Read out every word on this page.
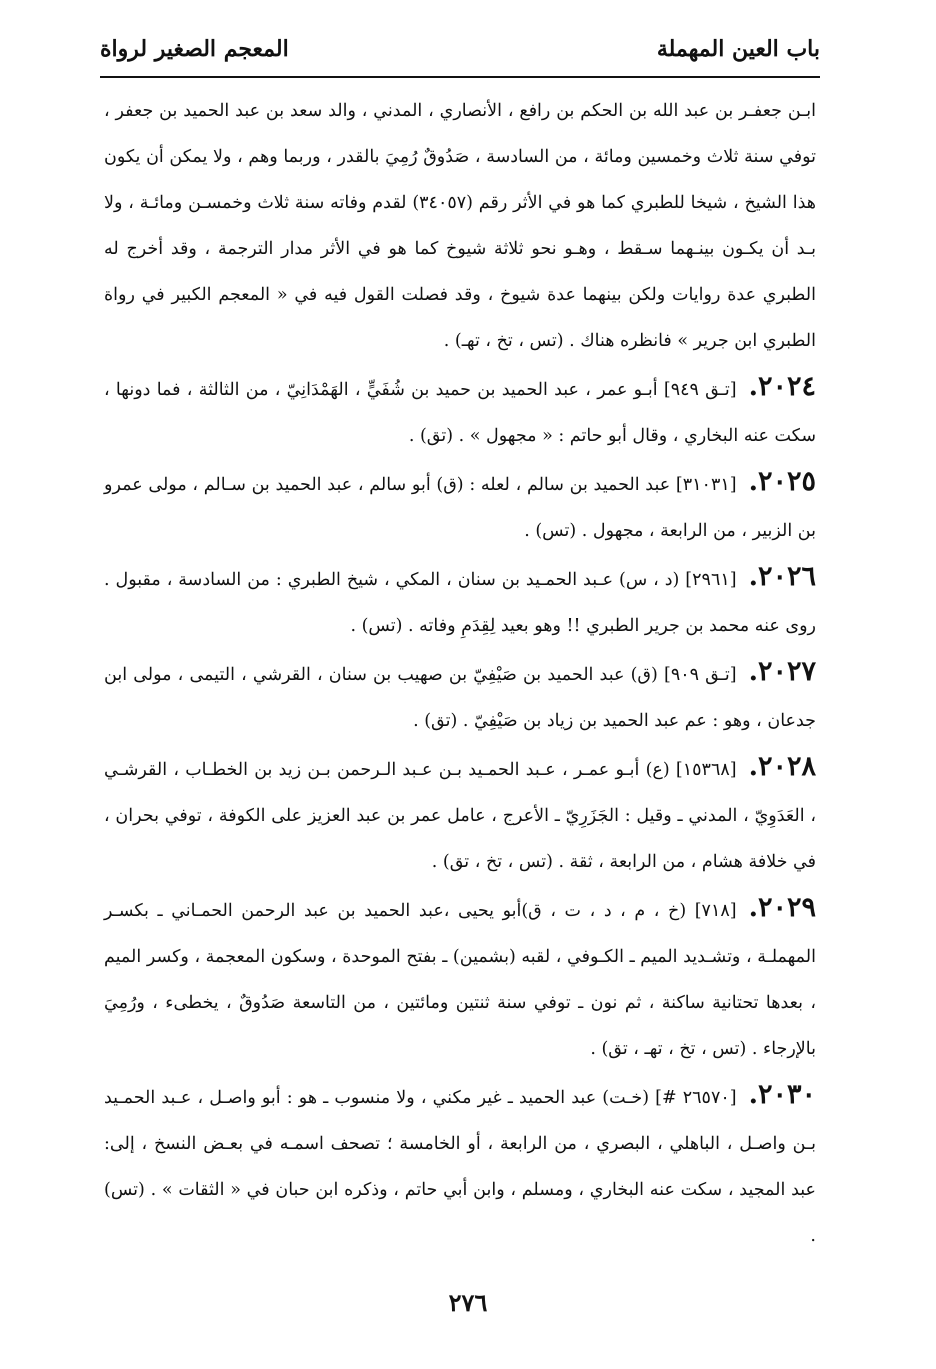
باب العين المهملة
المعجم الصغير لرواة

ابـن جعفـر بن عبد الله بن الحكم بن رافع ، الأنصاري ، المدني ، والد سعد بن عبد الحميد بن جعفر ، توفي سنة ثلاث وخمسين ومائة ، من السادسة ، صَدُوقٌ رُمِيَ بالقدر ، وربما وهم ، ولا يمكن أن يكون هذا الشيخ ، شيخا للطبري كما هو في الأثر رقم (٣٤٠٥٧) لقدم وفاته سنة ثلاث وخمسـن ومائـة ، ولا بـد أن يكـون بينـهما سـقط ، وهـو نحو ثلاثة شيوخ كما هو في الأثر مدار الترجمة ، وقد أخرج له الطبري عدة روايات ولكن بينهما عدة شيوخ ، وقد فصلت القول فيه في « المعجم الكبير في رواة الطبري ابن جرير » فانظره هناك . (تس ، تخ ، تهـ) .

٢٠٢٤.[تـق ٩٤٩] أبـو عمر ، عبد الحميد بن حميد بن شُفَيٍّ ، الهَمْدَانِيّ ، من الثالثة ، فما دونها ، سكت عنه البخاري ، وقال أبو حاتم : « مجهول » . (تق) .

٢٠٢٥.[٣١٠٣١] عبد الحميد بن سالم ، لعله : (ق) أبو سالم ، عبد الحميد بن سـالم ، مولى عمرو بن الزبير ، من الرابعة ، مجهول . (تس) .

٢٠٢٦.[٢٩٦١] (د ، س) عـبد الحمـيد بن سنان ، المكي ، شيخ الطبري : من السادسة ، مقبول . روى عنه محمد بن جرير الطبري !! وهو بعيد لِقِدَمِ وفاته . (تس) .

٢٠٢٧.[تـق ٩٠٩] (ق) عبد الحميد بن صَيْفِيّ بن صهيب بن سنان ، القرشي ، التيمى ، مولى ابن جدعان ، وهو : عم عبد الحميد بن زياد بن صَيْفِيّ . (تق) .

٢٠٢٨.[١٥٣٦٨] (ع) أبـو عمـر ، عـبد الحمـيد بـن عـبد الـرحمن بـن زيد بن الخطـاب ، القرشـي ، العَدَوِيّ ، المدني ـ وقيل : الجَزَرِيّ ـ الأعرج ، عامل عمر بن عبد العزيز على الكوفة ، توفي بحران ، في خلافة هشام ، من الرابعة ، ثقة . (تس ، تخ ، تق) .

٢٠٢٩.[٧١٨] (خ ، م ، د ، ت ، ق)أبو يحيى ،عبد الحميد بن عبد الرحمن الحمـاني ـ بكسـر المهملـة ، وتشـديد الميم ـ الكـوفي ، لقبه (بشمين) ـ بفتح الموحدة ، وسكون المعجمة ، وكسر الميم ، بعدها تحتانية ساكنة ، ثم نون ـ توفي سنة ثنتين ومائتين ، من التاسعة صَدُوقٌ ، يخطىء ، ورُمِيَ بالإرجاء . (تس ، تخ ، تهـ ، تق) .

٢٠٣٠.[٢٦٥٧٠ #] (خـت) عبد الحميد ـ غير مكني ، ولا منسوب ـ هو : أبو واصـل ، عـبد الحمـيد بـن واصـل ، الباهلي ، البصري ، من الرابعة ، أو الخامسة ؛ تصحف اسمـه في بعـض النسخ ، إلى: عبد المجيد ، سكت عنه البخاري ، ومسلم ، وابن أبي حاتم ، وذكره ابن حبان في « الثقات » . (تس) .

٢٧٦
